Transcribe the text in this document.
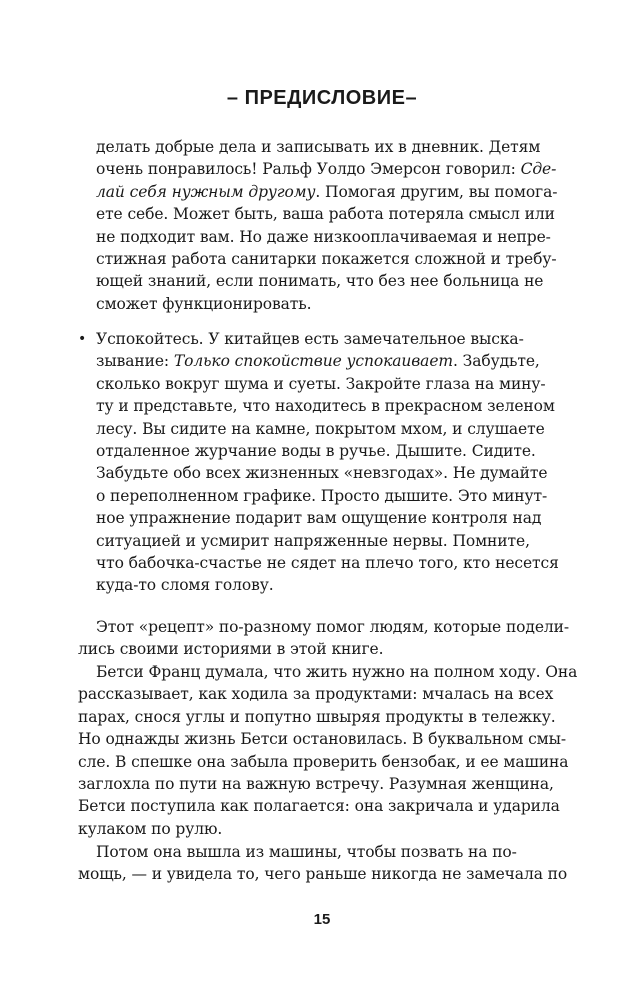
– ПРЕДИСЛОВИЕ–
делать добрые дела и записывать их в дневник. Детям
очень понравилось! Ральф Уолдо Эмерсон говорил: Сде-
лай себя нужным другому. Помогая другим, вы помога-
ете себе. Может быть, ваша работа потеряла смысл или
не подходит вам. Но даже низкооплачиваемая и непре-
стижная работа санитарки покажется сложной и требу-
ющей знаний, если понимать, что без нее больница не
сможет функционировать.
• Успокойтесь. У китайцев есть замечательное выска-
зывание: Только спокойствие успокаивает. Забудьте,
сколько вокруг шума и суеты. Закройте глаза на мину-
ту и представьте, что находитесь в прекрасном зеленом
лесу. Вы сидите на камне, покрытом мхом, и слушаете
отдаленное журчание воды в ручье. Дышите. Сидите.
Забудьте обо всех жизненных «невзгодах». Не думайте
о переполненном графике. Просто дышите. Это минут-
ное упражнение подарит вам ощущение контроля над
ситуацией и усмирит напряженные нервы. Помните,
что бабочка-счастье не сядет на плечо того, кто несется
куда-то сломя голову.
Этот «рецепт» по-разному помог людям, которые подели-
лись своими историями в этой книге.
Бетси Франц думала, что жить нужно на полном ходу. Она
рассказывает, как ходила за продуктами: мчалась на всех
парах, снося углы и попутно швыряя продукты в тележку.
Но однажды жизнь Бетси остановилась. В буквальном смы-
сле. В спешке она забыла проверить бензобак, и ее машина
заглохла по пути на важную встречу. Разумная женщина,
Бетси поступила как полагается: она закричала и ударила
кулаком по рулю.
Потом она вышла из машины, чтобы позвать на по-
мощь, — и увидела то, чего раньше никогда не замечала по
15
